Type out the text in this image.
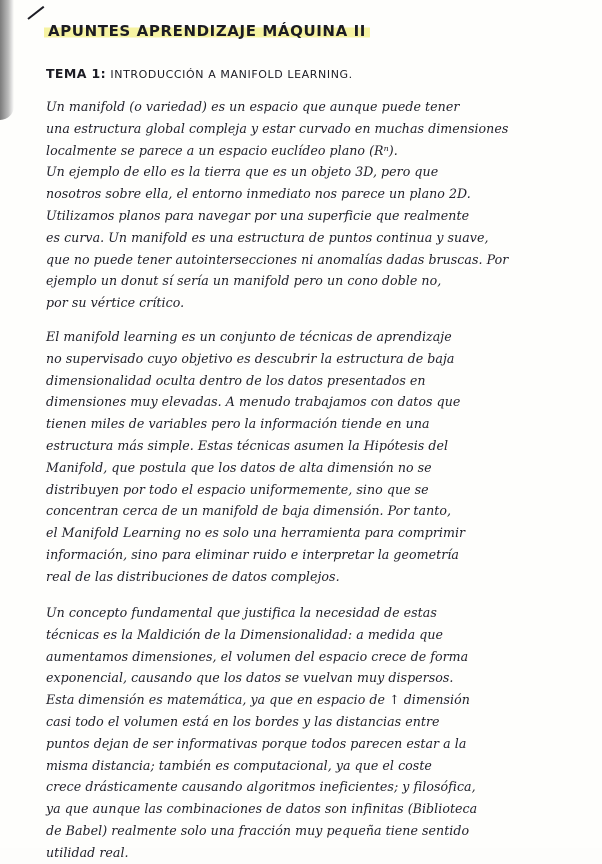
APUNTES APRENDIZAJE MÁQUINA II
TEMA 1: INTRODUCCIÓN A MANIFOLD LEARNING.
Un manifold (o variedad) es un espacio que aunque puede tener
una estructura global compleja y estar curvado en muchas dimensiones
localmente se parece a un espacio euclídeo plano (Rⁿ).
Un ejemplo de ello es la tierra que es un objeto 3D, pero que
nosotros sobre ella, el entorno inmediato nos parece un plano 2D.
Utilizamos planos para navegar por una superficie que realmente
es curva. Un manifold es una estructura de puntos continua y suave,
que no puede tener autointersecciones ni anomalías dadas bruscas. Por
ejemplo un donut sí sería un manifold pero un cono doble no,
por su vértice crítico.
El manifold learning es un conjunto de técnicas de aprendizaje
no supervisado cuyo objetivo es descubrir la estructura de baja
dimensionalidad oculta dentro de los datos presentados en
dimensiones muy elevadas. A menudo trabajamos con datos que
tienen miles de variables pero la información tiende en una
estructura más simple. Estas técnicas asumen la Hipótesis del
Manifold, que postula que los datos de alta dimensión no se
distribuyen por todo el espacio uniformemente, sino que se
concentran cerca de un manifold de baja dimensión. Por tanto,
el Manifold Learning no es solo una herramienta para comprimir
información, sino para eliminar ruido e interpretar la geometría
real de las distribuciones de datos complejos.
Un concepto fundamental que justifica la necesidad de estas
técnicas es la Maldición de la Dimensionalidad: a medida que
aumentamos dimensiones, el volumen del espacio crece de forma
exponencial, causando que los datos se vuelvan muy dispersos.
Esta dimensión es matemática, ya que en espacio de ↑ dimensión
casi todo el volumen está en los bordes y las distancias entre
puntos dejan de ser informativas porque todos parecen estar a la
misma distancia; también es computacional, ya que el coste
crece drásticamente causando algoritmos ineficientes; y filosófica,
ya que aunque las combinaciones de datos son infinitas (Biblioteca
de Babel) realmente solo una fracción muy pequeña tiene sentido
utilidad real.
